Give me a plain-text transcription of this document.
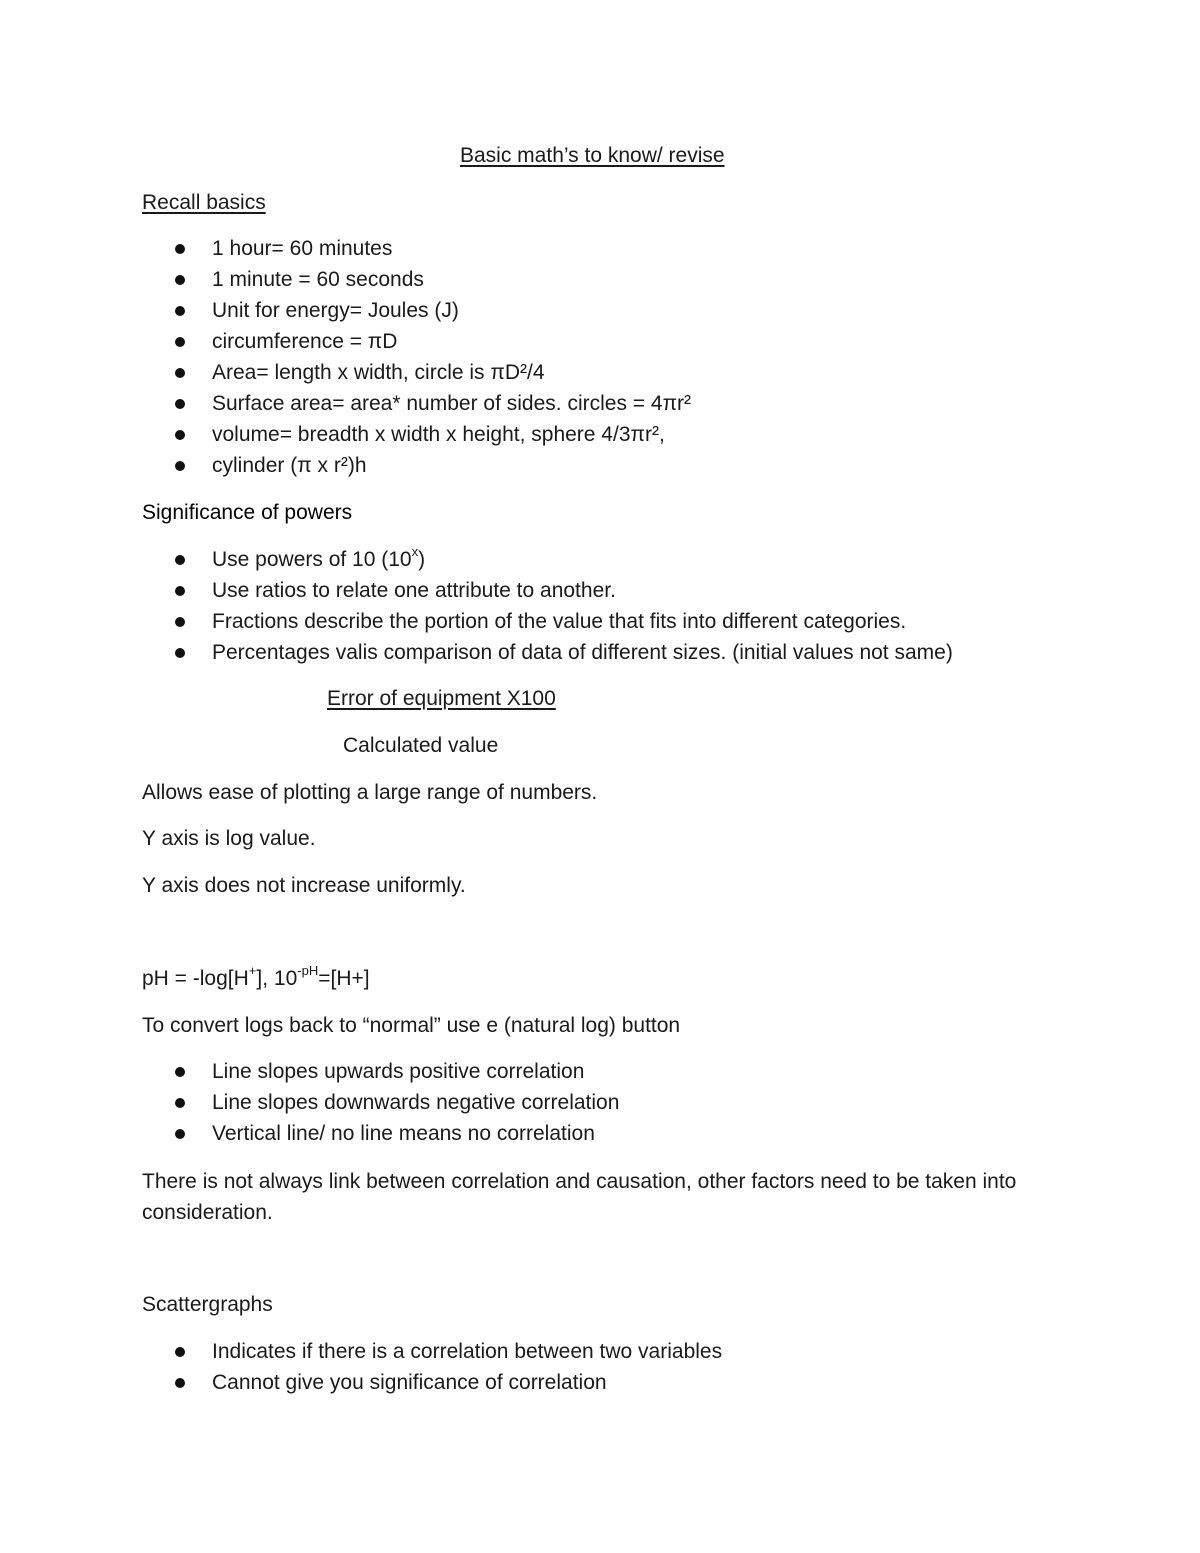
Basic math’s to know/ revise
Recall basics
1 hour= 60 minutes
1 minute = 60 seconds
Unit for energy= Joules (J)
circumference = πD
Area= length x width, circle is πD²/4
Surface area= area* number of sides. circles = 4πr²
volume= breadth x width x height, sphere 4/3πr²,
cylinder (π x r²)h
Significance of powers
Use powers of 10 (10$^x$)
Use ratios to relate one attribute to another.
Fractions describe the portion of the value that fits into different categories.
Percentages valis comparison of data of different sizes. (initial values not same)
Error of equipment X100
Calculated value
Allows ease of plotting a large range of numbers.
Y axis is log value.
Y axis does not increase uniformly.
pH = -log[H+], $10^{-pH}=[H+]$
To convert logs back to “normal” use e (natural log) button
Line slopes upwards positive correlation
Line slopes downwards negative correlation
Vertical line/ no line means no correlation
There is not always link between correlation and causation, other factors need to be taken into consideration.
Scattergraphs
Indicates if there is a correlation between two variables
Cannot give you significance of correlation
